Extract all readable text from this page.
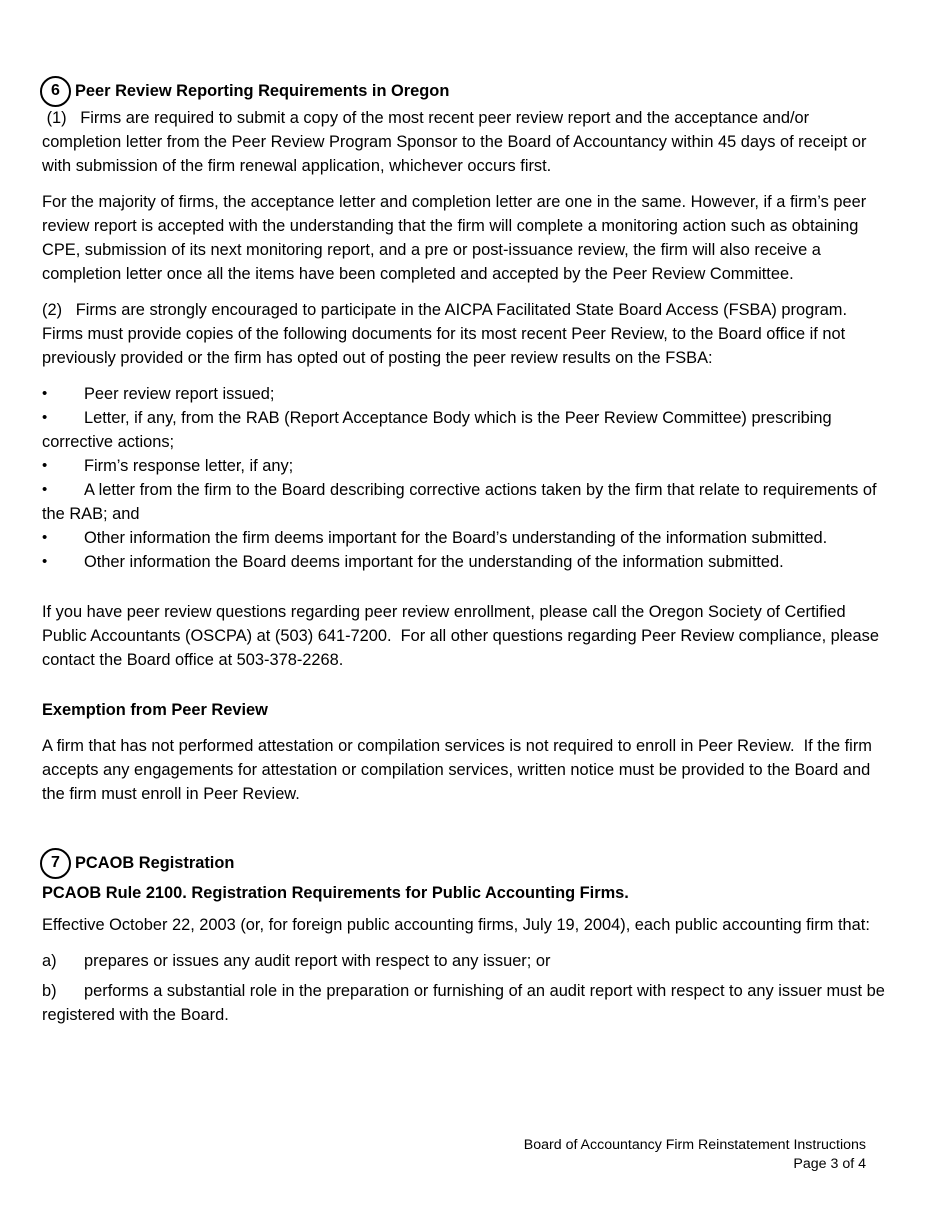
6 Peer Review Reporting Requirements in Oregon

(1)   Firms are required to submit a copy of the most recent peer review report and the acceptance and/or completion letter from the Peer Review Program Sponsor to the Board of Accountancy within 45 days of receipt or with submission of the firm renewal application, whichever occurs first.

For the majority of firms, the acceptance letter and completion letter are one in the same. However, if a firm’s peer review report is accepted with the understanding that the firm will complete a monitoring action such as obtaining CPE, submission of its next monitoring report, and a pre or post-issuance review, the firm will also receive a completion letter once all the items have been completed and accepted by the Peer Review Committee.

(2)   Firms are strongly encouraged to participate in the AICPA Facilitated State Board Access (FSBA) program.  Firms must provide copies of the following documents for its most recent Peer Review, to the Board office if not previously provided or the firm has opted out of posting the peer review results on the FSBA:

• Peer review report issued;
• Letter, if any, from the RAB (Report Acceptance Body which is the Peer Review Committee) prescribing corrective actions;
• Firm’s response letter, if any;
• A letter from the firm to the Board describing corrective actions taken by the firm that relate to requirements of the RAB; and
• Other information the firm deems important for the Board’s understanding of the information submitted.
• Other information the Board deems important for the understanding of the information submitted.

If you have peer review questions regarding peer review enrollment, please call the Oregon Society of Certified Public Accountants (OSCPA) at (503) 641-7200.  For all other questions regarding Peer Review compliance, please contact the Board office at 503-378-2268.

Exemption from Peer Review

A firm that has not performed attestation or compilation services is not required to enroll in Peer Review.  If the firm accepts any engagements for attestation or compilation services, written notice must be provided to the Board and the firm must enroll in Peer Review.

7 PCAOB Registration

PCAOB Rule 2100. Registration Requirements for Public Accounting Firms.

Effective October 22, 2003 (or, for foreign public accounting firms, July 19, 2004), each public accounting firm that:

a) prepares or issues any audit report with respect to any issuer; or

b) performs a substantial role in the preparation or furnishing of an audit report with respect to any issuer must be registered with the Board.

Board of Accountancy Firm Reinstatement Instructions
Page 3 of 4
